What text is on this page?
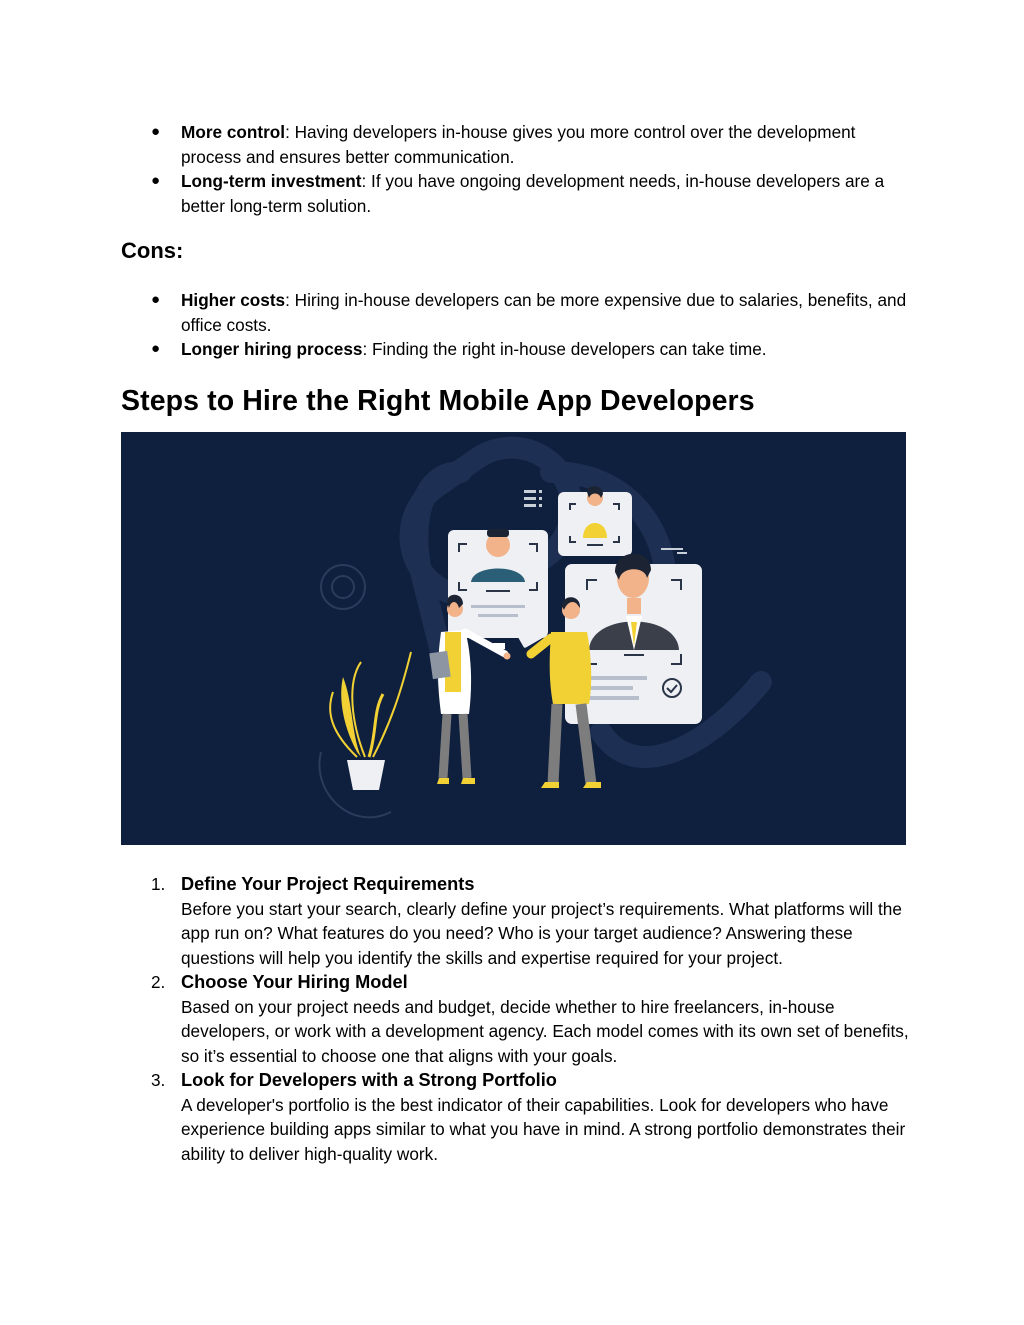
● More control: Having developers in-house gives you more control over the development process and ensures better communication.
● Long-term investment: If you have ongoing development needs, in-house developers are a better long-term solution.
Cons:
● Higher costs: Hiring in-house developers can be more expensive due to salaries, benefits, and office costs.
● Longer hiring process: Finding the right in-house developers can take time.
Steps to Hire the Right Mobile App Developers
1. Define Your Project Requirements
Before you start your search, clearly define your project’s requirements. What platforms will the app run on? What features do you need? Who is your target audience? Answering these questions will help you identify the skills and expertise required for your project.
2. Choose Your Hiring Model
Based on your project needs and budget, decide whether to hire freelancers, in-house developers, or work with a development agency. Each model comes with its own set of benefits, so it’s essential to choose one that aligns with your goals.
3. Look for Developers with a Strong Portfolio
A developer's portfolio is the best indicator of their capabilities. Look for developers who have experience building apps similar to what you have in mind. A strong portfolio demonstrates their ability to deliver high-quality work.
